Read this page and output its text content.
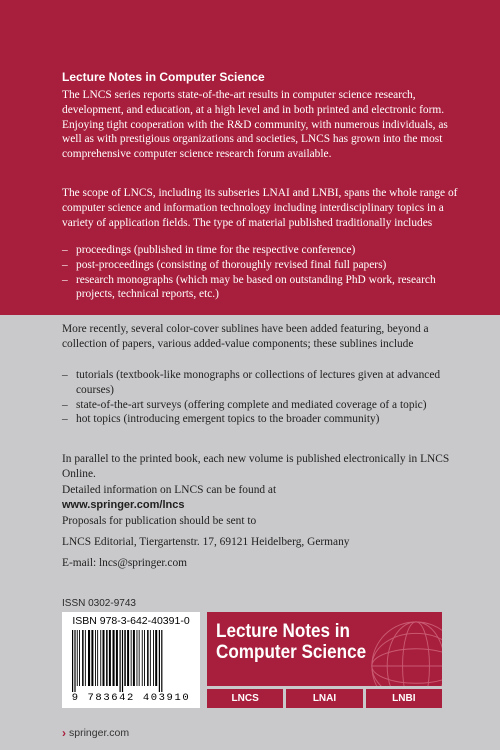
Lecture Notes in Computer Science
The LNCS series reports state-of-the-art results in computer science research, development, and education, at a high level and in both printed and electronic form. Enjoying tight cooperation with the R&D community, with numerous individuals, as well as with prestigious organizations and societies, LNCS has grown into the most comprehensive computer science research forum available.
The scope of LNCS, including its subseries LNAI and LNBI, spans the whole range of computer science and information technology including interdisciplinary topics in a variety of application fields. The type of material published traditionally includes
– proceedings (published in time for the respective conference)
– post-proceedings (consisting of thoroughly revised final full papers)
– research monographs (which may be based on outstanding PhD work, research projects, technical reports, etc.)
More recently, several color-cover sublines have been added featuring, beyond a collection of papers, various added-value components; these sublines include
– tutorials (textbook-like monographs or collections of lectures given at advanced courses)
– state-of-the-art surveys (offering complete and mediated coverage of a topic)
– hot topics (introducing emergent topics to the broader community)
In parallel to the printed book, each new volume is published electronically in LNCS Online.
Detailed information on LNCS can be found at
www.springer.com/lncs
Proposals for publication should be sent to
LNCS Editorial, Tiergartenstr. 17, 69121 Heidelberg, Germany
E-mail: lncs@springer.com
ISSN 0302-9743
ISBN 978-3-642-40391-0
9 783642 403910
Lecture Notes in
Computer Science
LNCS	LNAI	LNBI
› springer.com
